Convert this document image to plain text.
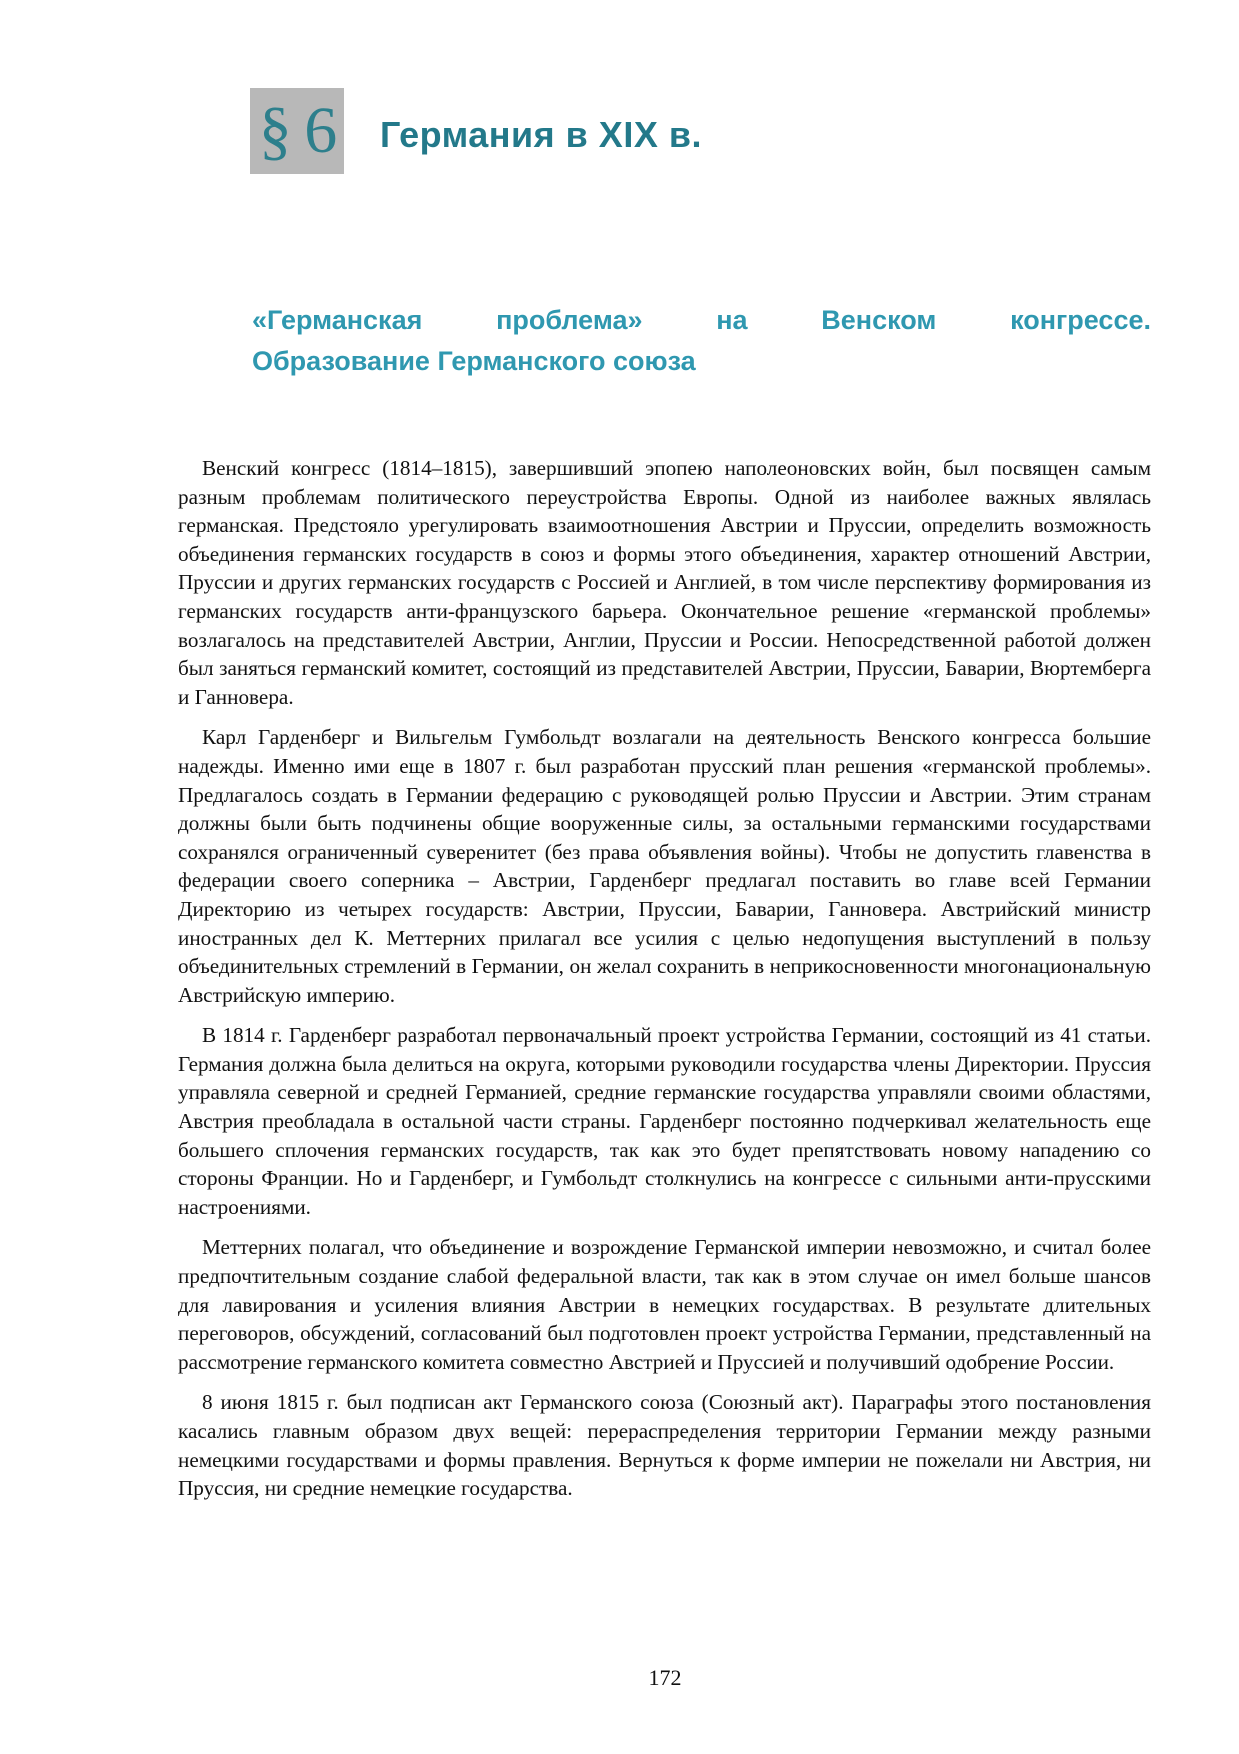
§ 6 Германия в XIX в.
«Германская	проблема»	на	Венском	конгрессе.
Образование Германского союза

Венский конгресс (1814–1815), завершивший эпопею наполеоновских войн, был посвящен самым разным проблемам политического переустройства Европы. Одной из наиболее важных являлась германская. Предстояло урегулировать взаимоотношения Австрии и Пруссии, определить возможность объединения германских государств в союз и формы этого объединения, характер отношений Австрии, Пруссии и других германских государств с Россией и Англией, в том числе перспективу формирования из германских государств анти-французского барьера. Окончательное решение «германской проблемы» возлагалось на представителей Австрии, Англии, Пруссии и России. Непосредственной работой должен был заняться германский комитет, состоящий из представителей Австрии, Пруссии, Баварии, Вюртемберга и Ганновера.

Карл Гарденберг и Вильгельм Гумбольдт возлагали на деятельность Венского конгресса большие надежды. Именно ими еще в 1807 г. был разработан прусский план решения «германской проблемы». Предлагалось создать в Германии федерацию с руководящей ролью Пруссии и Австрии. Этим странам должны были быть подчинены общие вооруженные силы, за остальными германскими государствами сохранялся ограниченный суверенитет (без права объявления войны). Чтобы не допустить главенства в федерации своего соперника – Австрии, Гарденберг предлагал поставить во главе всей Германии Директорию из четырех государств: Австрии, Пруссии, Баварии, Ганновера. Австрийский министр иностранных дел К. Меттерних прилагал все усилия с целью недопущения выступлений в пользу объединительных стремлений в Германии, он желал сохранить в неприкосновенности многонациональную Австрийскую империю.

В 1814 г. Гарденберг разработал первоначальный проект устройства Германии, состоящий из 41 статьи. Германия должна была делиться на округа, которыми руководили государства члены Директории. Пруссия управляла северной и средней Германией, средние германские государства управляли своими областями, Австрия преобладала в остальной части страны. Гарденберг постоянно подчеркивал желательность еще большего сплочения германских государств, так как это будет препятствовать новому нападению со стороны Франции. Но и Гарденберг, и Гумбольдт столкнулись на конгрессе с сильными анти-прусскими настроениями.

Меттерних полагал, что объединение и возрождение Германской империи невозможно, и считал более предпочтительным создание слабой федеральной власти, так как в этом случае он имел больше шансов для лавирования и усиления влияния Австрии в немецких государствах. В результате длительных переговоров, обсуждений, согласований был подготовлен проект устройства Германии, представленный на рассмотрение германского комитета совместно Австрией и Пруссией и получивший одобрение России.

8 июня 1815 г. был подписан акт Германского союза (Союзный акт). Параграфы этого постановления касались главным образом двух вещей: перераспределения территории Германии между разными немецкими государствами и формы правления. Вернуться к форме империи не пожелали ни Австрия, ни Пруссия, ни средние немецкие государства.

172
